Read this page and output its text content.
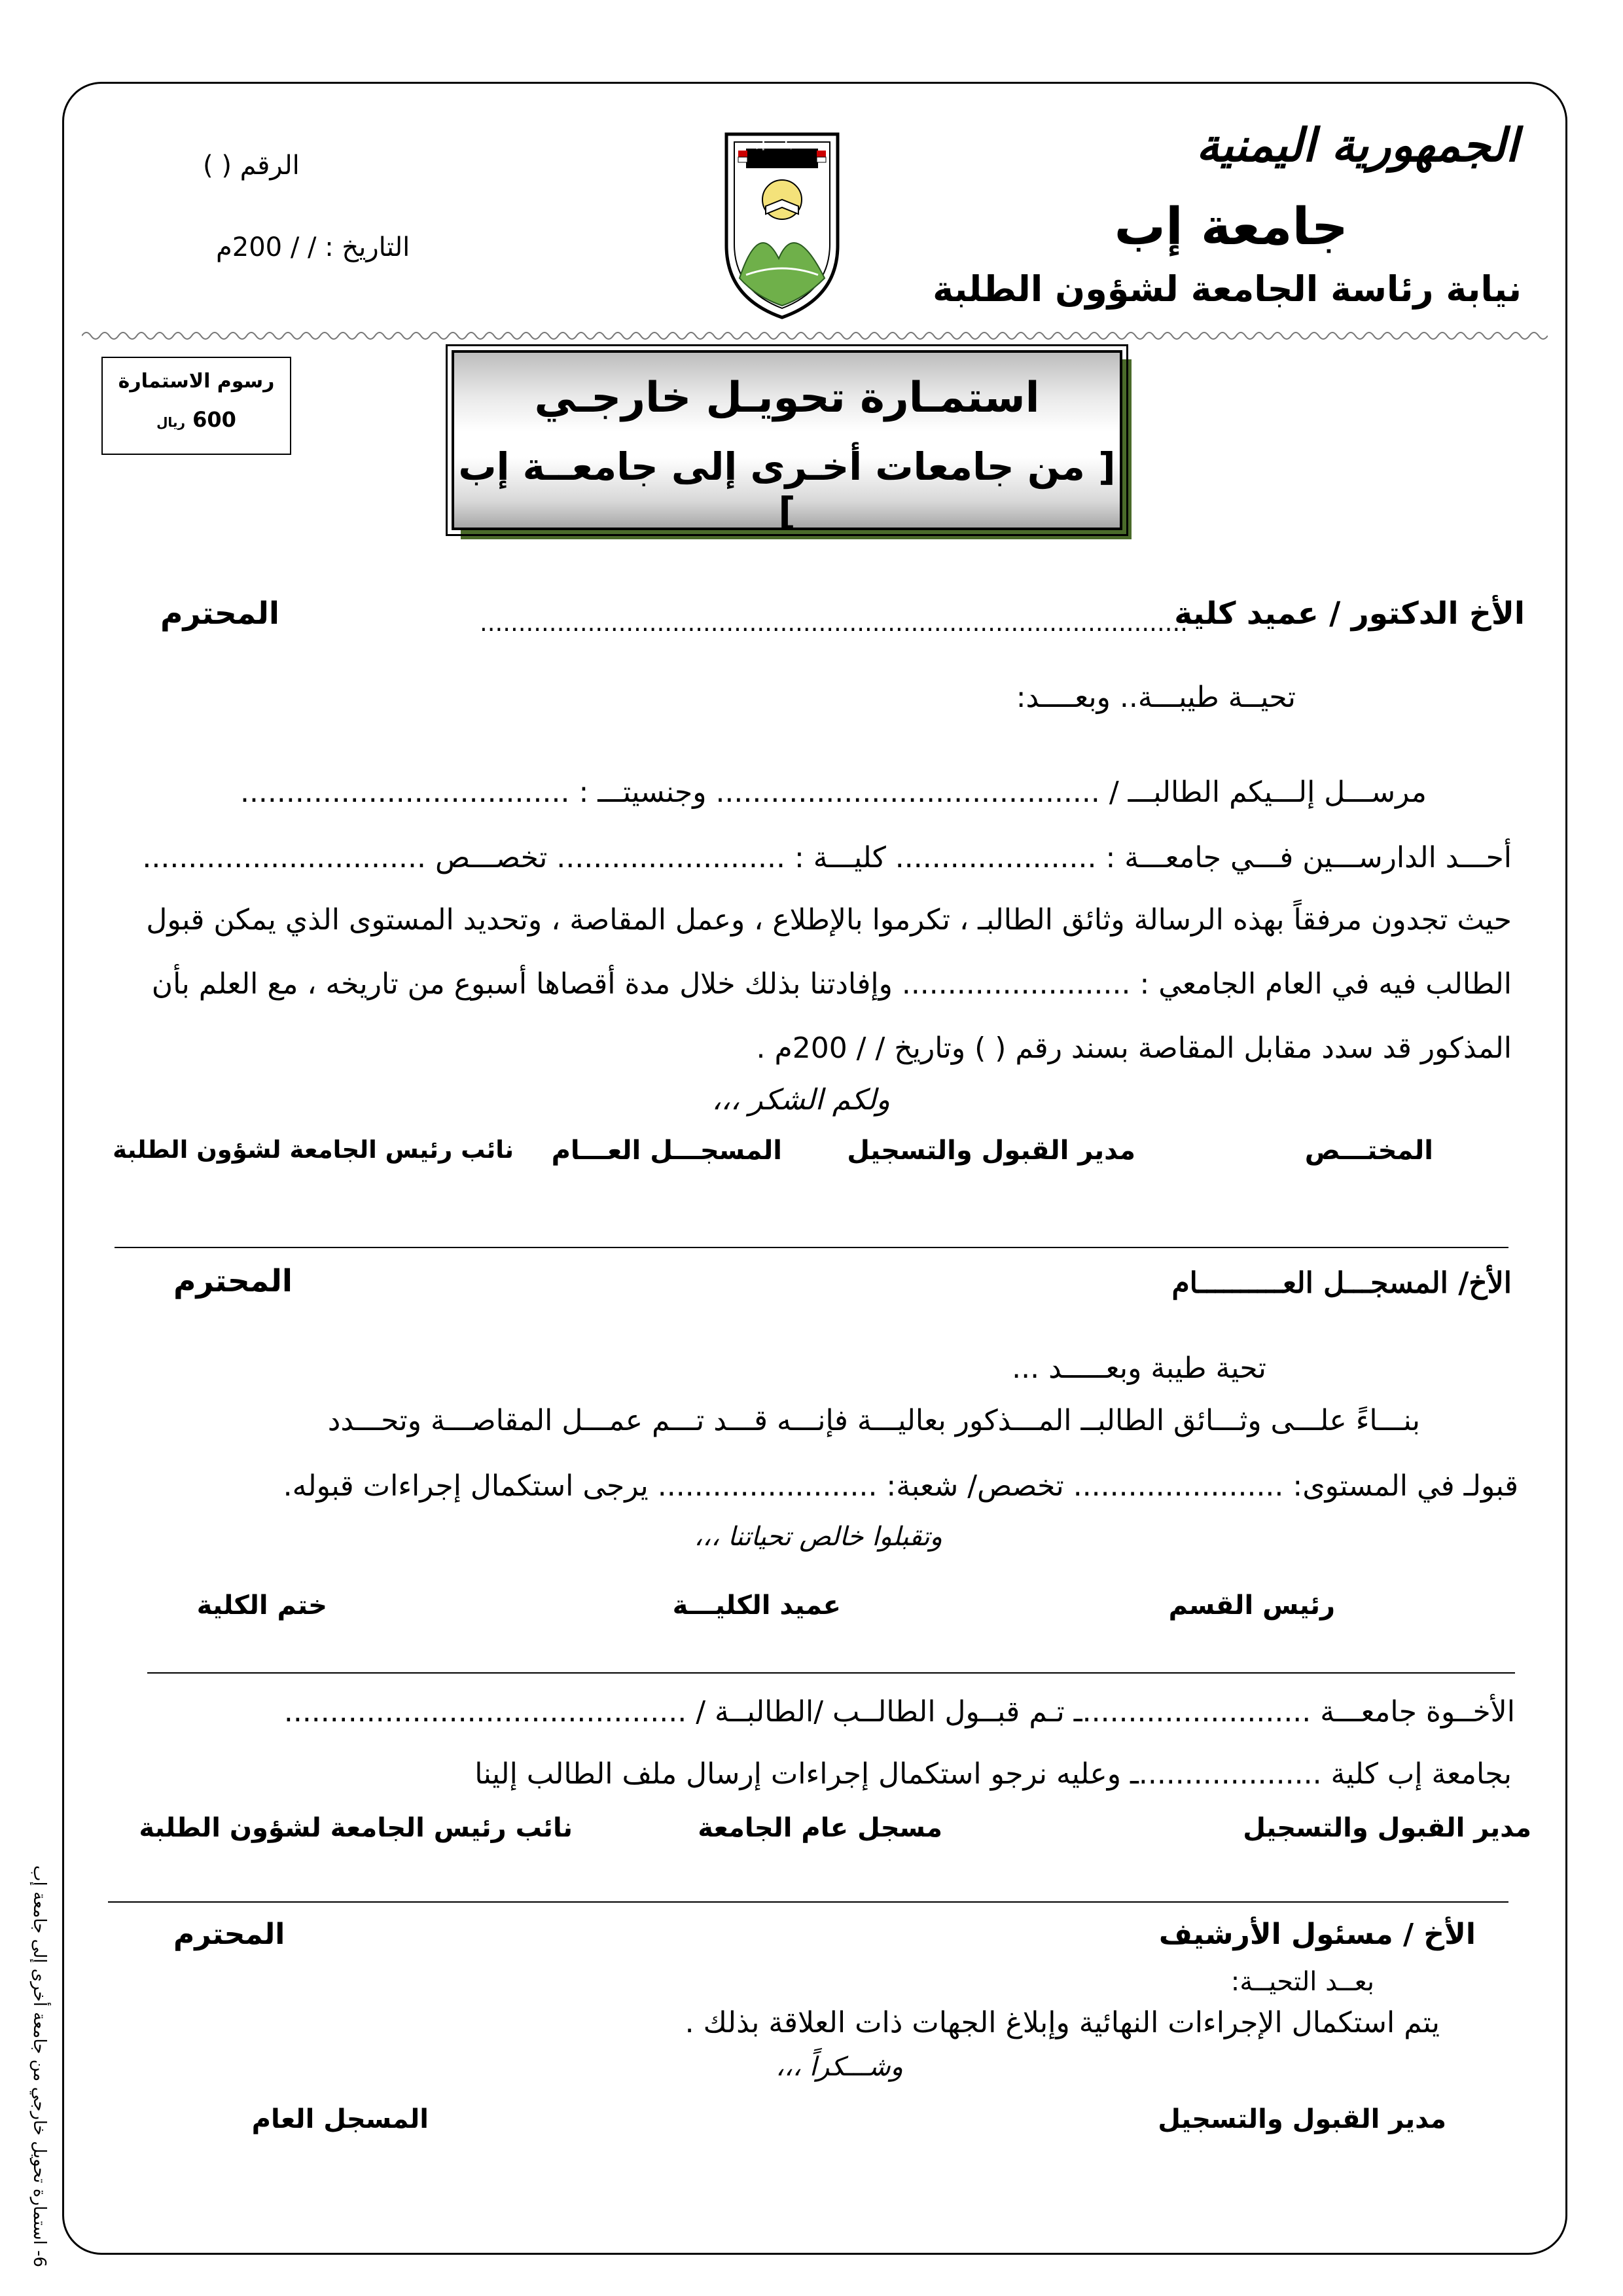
الجمهورية اليمنية
جامعة إب
نيابة رئاسة الجامعة لشؤون الطلبة
الرقم ( )
التاريخ : / / 200م
جامعة إب
رسوم الاستمارة
600 ريال	استمـارة تحويـل خارجـي
[ من جامعات أخـرى إلى جامعــة إب ]
الأخ الدكتور / عميد كلية
............................................................................................
المحترم
تحيــة طيبـــة.. وبعــــد:
مرســـل إلـــيكم الطالبـــ / .......................................... وجنسيتـــ : ....................................
أحـــد الدارســـين فـــي جامعـــة : ...................... كليـــة : ......................... تخصـــص ...............................
حيث تجدون مرفقاً بهذه الرسالة وثائق الطالبـ ، تكرموا بالإطلاع ، وعمل المقاصة ، وتحديد المستوى الذي يمكن قبول
الطالب فيه في العام الجامعي : ......................... وإفادتنا بذلك خلال مدة أقصاها أسبوع من تاريخه ، مع العلم بأن
المذكور قد سدد مقابل المقاصة بسند رقم ( ) وتاريخ / / 200م .
ولكم الشكر ،،،
المختـــص
مدير القبول والتسجيل
المسجـــل العـــام
نائب رئيس الجامعة لشؤون الطلبة
الأخ/ المسجـــل العــــــــــام
المحترم
تحية طيبة وبعـــــد ...
بنـــاءً علـــى وثـــائق الطالبــ المـــذكور بعاليـــة فإنـــه قـــد تـــم عمـــل المقاصـــة وتحـــدد
قبولـ في المستوى: ....................... تخصص/ شعبة: ........................ يرجى استكمال إجراءات قبوله.
وتقبلوا خالص تحياتنا ،،،
رئيس القسم
عميد الكليـــة
ختم الكلية
الأخــوة جامعـــة .........................ـ تـم قبــول الطالــب /الطالبــة / ............................................
بجامعة إب كلية ....................ـ وعليه نرجو استكمال إجراءات إرسال ملف الطالب إلينا
مدير القبول والتسجيل
مسجل عام الجامعة
نائب رئيس الجامعة لشؤون الطلبة
الأخ / مسئول الأرشيف
المحترم
بعــد التحيــة:
يتم استكمال الإجراءات النهائية وإبلاغ الجهات ذات العلاقة بذلك .
وشـــكراً ،،،
مدير القبول والتسجيل
المسجل العام
6- استمارة تحويل خارجي من جامعة أخرى إلى جامعة إب
